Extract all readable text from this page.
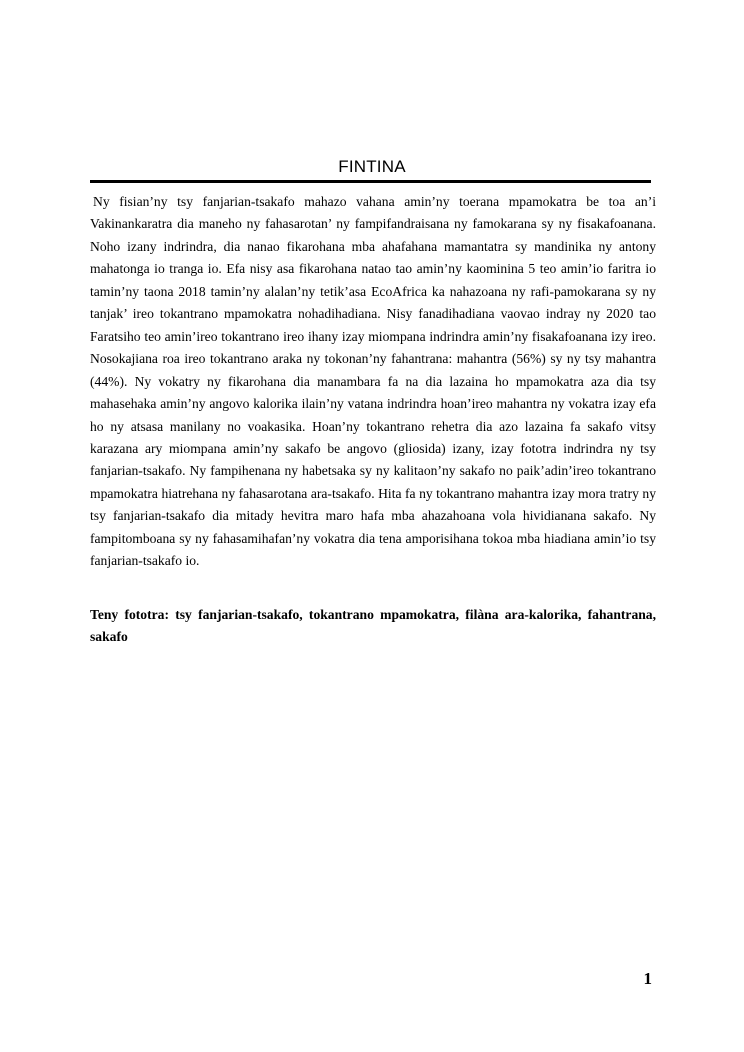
FINTINA

Ny fisian’ny tsy fanjarian-tsakafo mahazo vahana amin’ny toerana mpamokatra be toa an’i Vakinankaratra dia maneho ny fahasarotan’ ny fampifandraisana ny famokarana sy ny fisakafoanana. Noho izany indrindra, dia nanao fikarohana mba ahafahana mamantatra sy mandinika ny antony mahatonga io tranga io. Efa nisy asa fikarohana natao tao amin’ny kaominina 5 teo amin’io faritra io tamin’ny taona 2018 tamin’ny alalan’ny tetik’asa EcoAfrica ka nahazoana ny rafi-pamokarana sy ny tanjak’ ireo tokantrano mpamokatra nohadihadiana. Nisy fanadihadiana vaovao indray ny 2020 tao Faratsiho teo amin’ireo tokantrano ireo ihany izay miompana indrindra amin’ny fisakafoanana izy ireo. Nosokajiana roa ireo tokantrano araka ny tokonan’ny fahantrana: mahantra (56%) sy ny tsy mahantra (44%). Ny vokatry ny fikarohana dia manambara fa na dia lazaina ho mpamokatra aza dia tsy mahasehaka amin’ny angovo kalorika ilain’ny vatana indrindra hoan’ireo mahantra ny vokatra izay efa ho ny atsasa manilany no voakasika. Hoan’ny tokantrano rehetra dia azo lazaina fa sakafo vitsy karazana ary miompana amin’ny sakafo be angovo (gliosida) izany, izay fototra indrindra ny tsy fanjarian-tsakafo. Ny fampihenana ny habetsaka sy ny kalitaon’ny sakafo no paik’adin’ireo tokantrano mpamokatra hiatrehana ny fahasarotana ara-tsakafo. Hita fa ny tokantrano mahantra izay mora tratry ny tsy fanjarian-tsakafo dia mitady hevitra maro hafa mba ahazahoana vola hividianana sakafo. Ny fampitomboana sy ny fahasamihafan’ny vokatra dia tena amporisihana tokoa mba hiadiana amin’io tsy fanjarian-tsakafo io.

Teny fototra: tsy fanjarian-tsakafo, tokantrano mpamokatra, filàna ara-kalorika, fahantrana, sakafo

1
